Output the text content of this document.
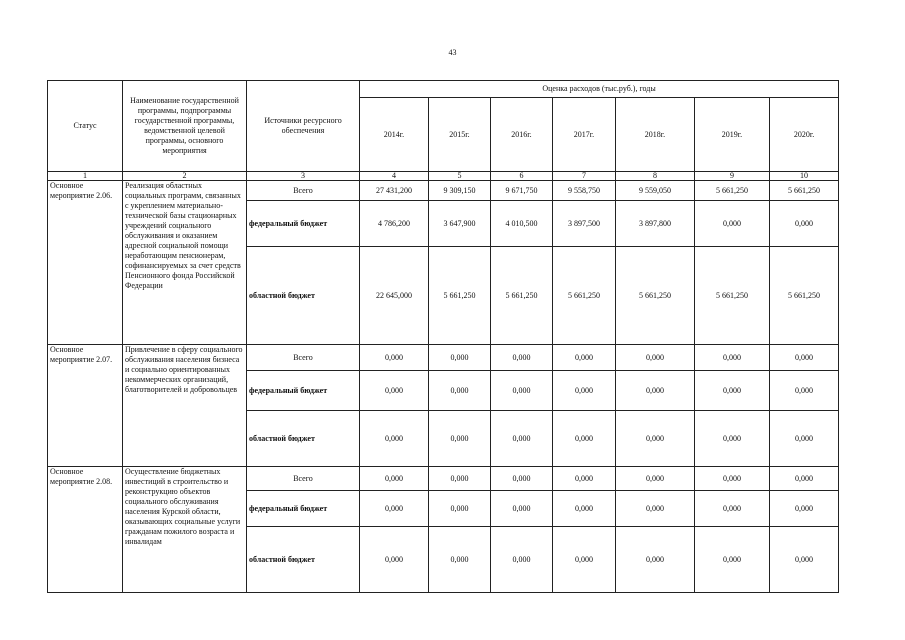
43
Статус	Наименование государственной программы, подпрограммы государственной программы, ведомственной целевой программы, основного мероприятия	Источники ресурсного обеспечения	Оценка расходов (тыс.руб.), годы						
			2014г.	2015г.	2016г.	2017г.	2018г.	2019г.	2020г.
1	2	3	4	5	6	7	8	9	10
Основное мероприятие 2.06.	Реализация областных социальных программ, связанных с укреплением материально-технической базы стационарных учреждений социального обслуживания и оказанием адресной социальной помощи неработающим пенсионерам, софинансируемых за счет средств Пенсионного фонда Российской Федерации	Всего	27 431,200	9 309,150	9 671,750	9 558,750	9 559,050	5 661,250	5 661,250
		федеральный бюджет	4 786,200	3 647,900	4 010,500	3 897,500	3 897,800	0,000	0,000
		областной бюджет	22 645,000	5 661,250	5 661,250	5 661,250	5 661,250	5 661,250	5 661,250
Основное мероприятие 2.07.	Привлечение в сферу социального обслуживания населения бизнеса и социально ориентированных некоммерческих организаций, благотворителей и добровольцев	Всего	0,000	0,000	0,000	0,000	0,000	0,000	0,000
		федеральный бюджет	0,000	0,000	0,000	0,000	0,000	0,000	0,000
		областной бюджет	0,000	0,000	0,000	0,000	0,000	0,000	0,000
Основное мероприятие 2.08.	Осуществление бюджетных инвестиций в строительство и реконструкцию объектов социального обслуживания населения Курской области, оказывающих социальные услуги гражданам пожилого возраста и инвалидам	Всего	0,000	0,000	0,000	0,000	0,000	0,000	0,000
		федеральный бюджет	0,000	0,000	0,000	0,000	0,000	0,000	0,000
		областной бюджет	0,000	0,000	0,000	0,000	0,000	0,000	0,000
